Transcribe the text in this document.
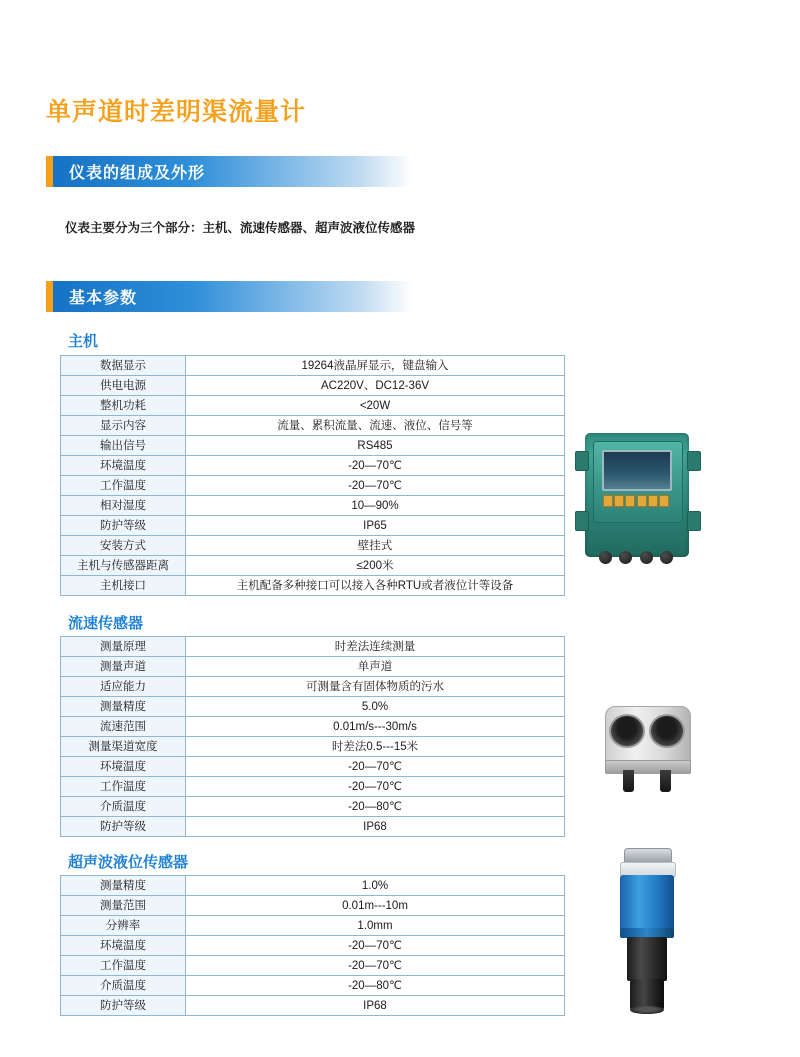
单声道时差明渠流量计
仪表的组成及外形
仪表主要分为三个部分：主机、流速传感器、超声波液位传感器
基本参数
主机
数据显示	19264液晶屏显示，键盘输入
供电电源	AC220V、DC12-36V
整机功耗	<20W
显示内容	流量、累积流量、流速、液位、信号等
输出信号	RS485
环境温度	-20—70℃
工作温度	-20—70℃
相对湿度	10—90%
防护等级	IP65
安装方式	壁挂式
主机与传感器距离	≤200米
主机接口	主机配备多种接口可以接入各种RTU或者液位计等设备
流速传感器
测量原理	时差法连续测量
测量声道	单声道
适应能力	可测量含有固体物质的污水
测量精度	5.0%
流速范围	0.01m/s---30m/s
测量渠道宽度	时差法0.5---15米
环境温度	-20—70℃
工作温度	-20—70℃
介质温度	-20—80℃
防护等级	IP68
超声波液位传感器
测量精度	1.0%
测量范围	0.01m---10m
分辨率	1.0mm
环境温度	-20—70℃
工作温度	-20—70℃
介质温度	-20—80℃
防护等级	IP68
